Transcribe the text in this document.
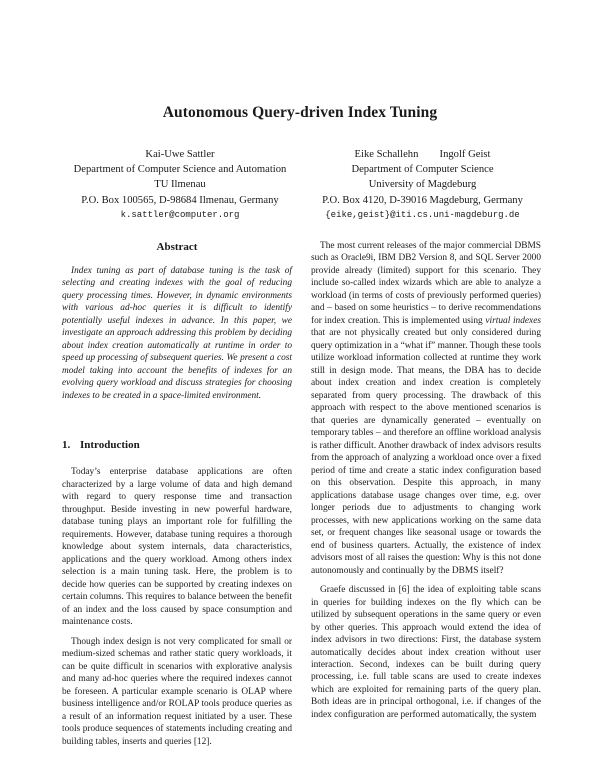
Autonomous Query-driven Index Tuning
Kai-Uwe Sattler
Department of Computer Science and Automation
TU Ilmenau
P.O. Box 100565, D-98684 Ilmenau, Germany
k.sattler@computer.org
Eike Schallehn        Ingolf Geist
Department of Computer Science
University of Magdeburg
P.O. Box 4120, D-39016 Magdeburg, Germany
{eike,geist}@iti.cs.uni-magdeburg.de
Abstract

Index tuning as part of database tuning is the task of selecting and creating indexes with the goal of reducing query processing times. However, in dynamic environments with various ad-hoc queries it is difficult to identify potentially useful indexes in advance. In this paper, we investigate an approach addressing this problem by deciding about index creation automatically at runtime in order to speed up processing of subsequent queries. We present a cost model taking into account the benefits of indexes for an evolving query workload and discuss strategies for choosing indexes to be created in a space-limited environment.

1. Introduction

Today’s enterprise database applications are often characterized by a large volume of data and high demand with regard to query response time and transaction throughput. Beside investing in new powerful hardware, database tuning plays an important role for fulfilling the requirements. However, database tuning requires a thorough knowledge about system internals, data characteristics, applications and the query workload. Among others index selection is a main tuning task. Here, the problem is to decide how queries can be supported by creating indexes on certain columns. This requires to balance between the benefit of an index and the loss caused by space consumption and maintenance costs.

Though index design is not very complicated for small or medium-sized schemas and rather static query workloads, it can be quite difficult in scenarios with explorative analysis and many ad-hoc queries where the required indexes cannot be foreseen. A particular example scenario is OLAP where business intelligence and/or ROLAP tools produce queries as a result of an information request initiated by a user. These tools produce sequences of statements including creating and building tables, inserts and queries [12].

The most current releases of the major commercial DBMS such as Oracle9i, IBM DB2 Version 8, and SQL Server 2000 provide already (limited) support for this scenario. They include so-called index wizards which are able to analyze a workload (in terms of costs of previously performed queries) and – based on some heuristics – to derive recommendations for index creation. This is implemented using virtual indexes that are not physically created but only considered during query optimization in a “what if” manner. Though these tools utilize workload information collected at runtime they work still in design mode. That means, the DBA has to decide about index creation and index creation is completely separated from query processing. The drawback of this approach with respect to the above mentioned scenarios is that queries are dynamically generated – eventually on temporary tables – and therefore an offline workload analysis is rather difficult. Another drawback of index advisors results from the approach of analyzing a workload once over a fixed period of time and create a static index configuration based on this observation. Despite this approach, in many applications database usage changes over time, e.g. over longer periods due to adjustments to changing work processes, with new applications working on the same data set, or frequent changes like seasonal usage or towards the end of business quarters. Actually, the existence of index advisors most of all raises the question: Why is this not done autonomously and continually by the DBMS itself?

Graefe discussed in [6] the idea of exploiting table scans in queries for building indexes on the fly which can be utilized by subsequent operations in the same query or even by other queries. This approach would extend the idea of index advisors in two directions: First, the database system automatically decides about index creation without user interaction. Second, indexes can be built during query processing, i.e. full table scans are used to create indexes which are exploited for remaining parts of the query plan. Both ideas are in principal orthogonal, i.e. if changes of the index configuration are performed automatically, the system
